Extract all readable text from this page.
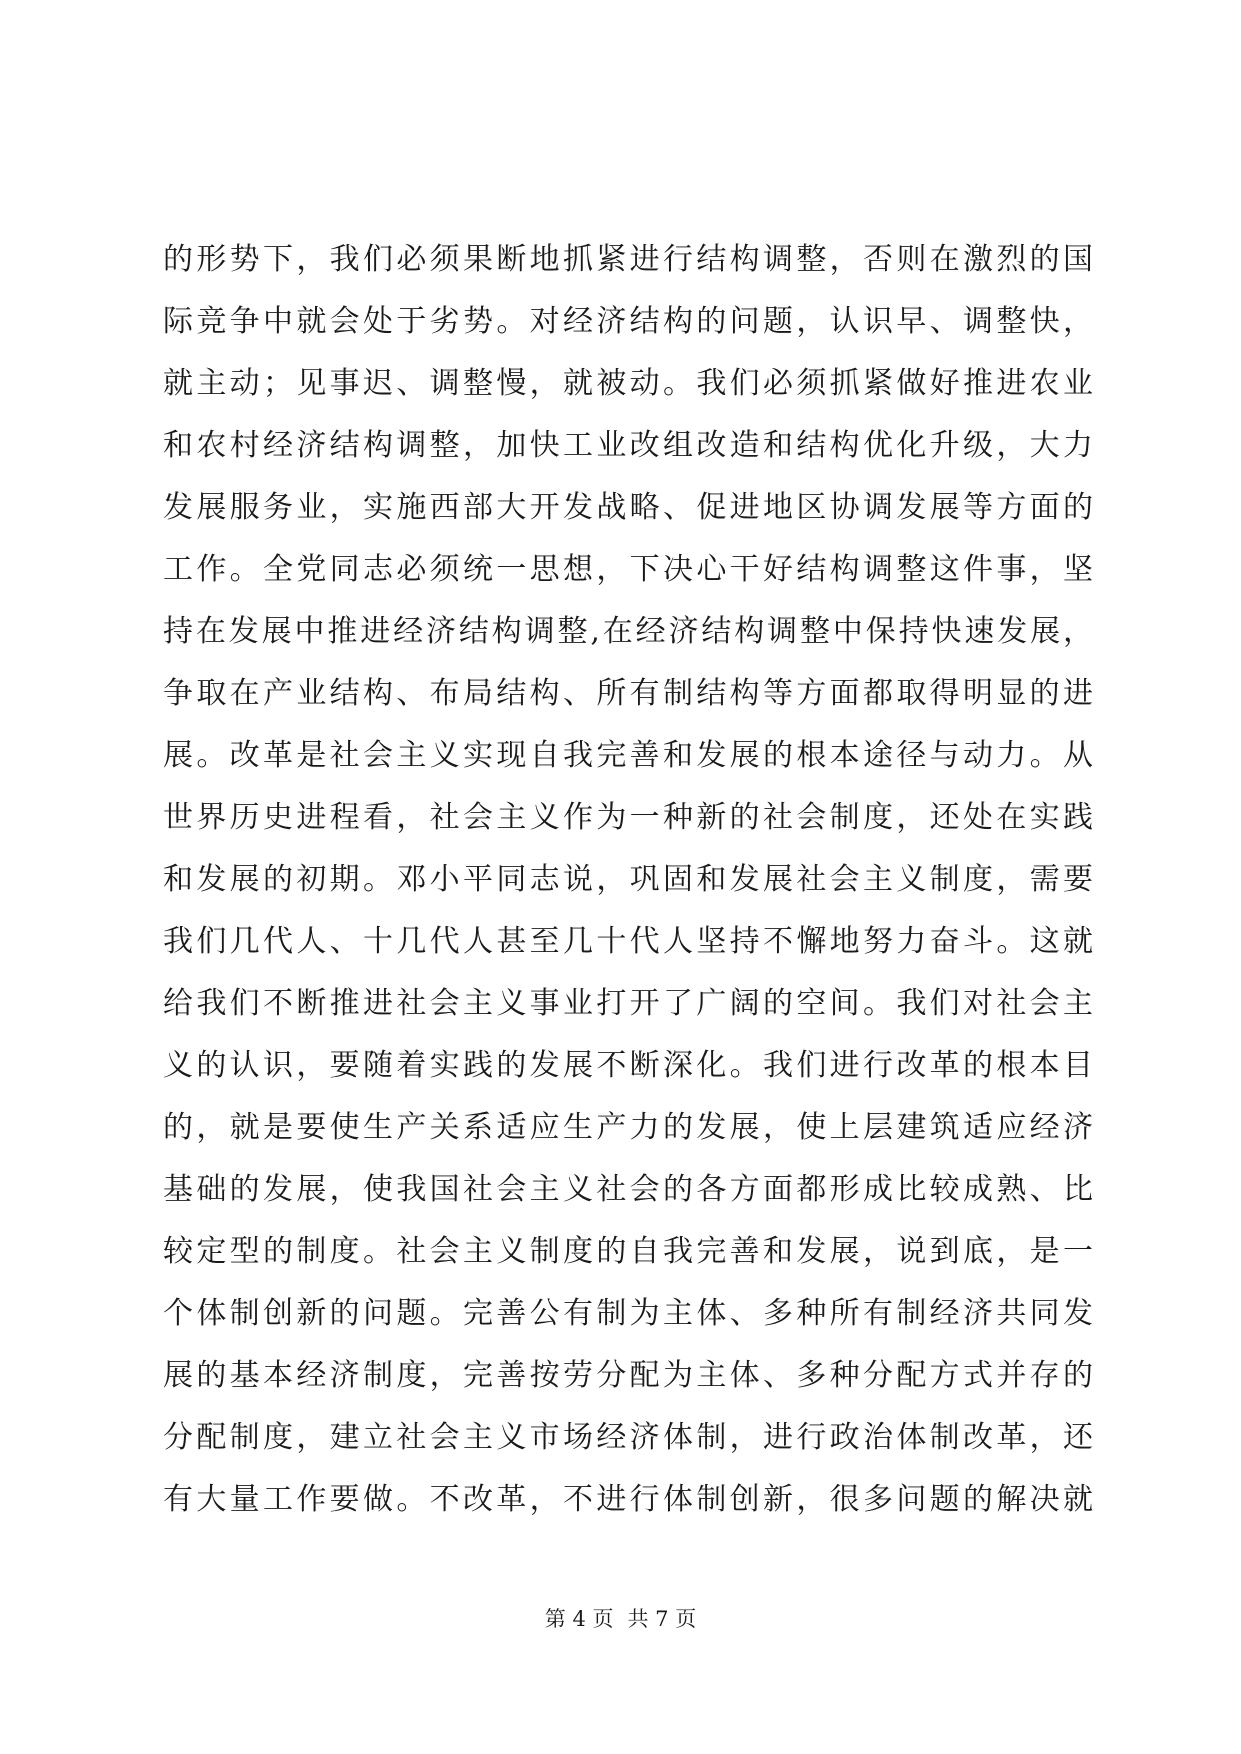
的形势下，我们必须果断地抓紧进行结构调整，否则在激烈的国
际竞争中就会处于劣势。对经济结构的问题，认识早、调整快，
就主动；见事迟、调整慢，就被动。我们必须抓紧做好推进农业
和农村经济结构调整，加快工业改组改造和结构优化升级，大力
发展服务业，实施西部大开发战略、促进地区协调发展等方面的
工作。全党同志必须统一思想，下决心干好结构调整这件事，坚
持在发展中推进经济结构调整,在经济结构调整中保持快速发展，
争取在产业结构、布局结构、所有制结构等方面都取得明显的进
展。改革是社会主义实现自我完善和发展的根本途径与动力。从
世界历史进程看，社会主义作为一种新的社会制度，还处在实践
和发展的初期。邓小平同志说，巩固和发展社会主义制度，需要
我们几代人、十几代人甚至几十代人坚持不懈地努力奋斗。这就
给我们不断推进社会主义事业打开了广阔的空间。我们对社会主
义的认识，要随着实践的发展不断深化。我们进行改革的根本目
的，就是要使生产关系适应生产力的发展，使上层建筑适应经济
基础的发展，使我国社会主义社会的各方面都形成比较成熟、比
较定型的制度。社会主义制度的自我完善和发展，说到底，是一
个体制创新的问题。完善公有制为主体、多种所有制经济共同发
展的基本经济制度，完善按劳分配为主体、多种分配方式并存的
分配制度，建立社会主义市场经济体制，进行政治体制改革，还
有大量工作要做。不改革，不进行体制创新，很多问题的解决就
第 4 页 共 7 页
